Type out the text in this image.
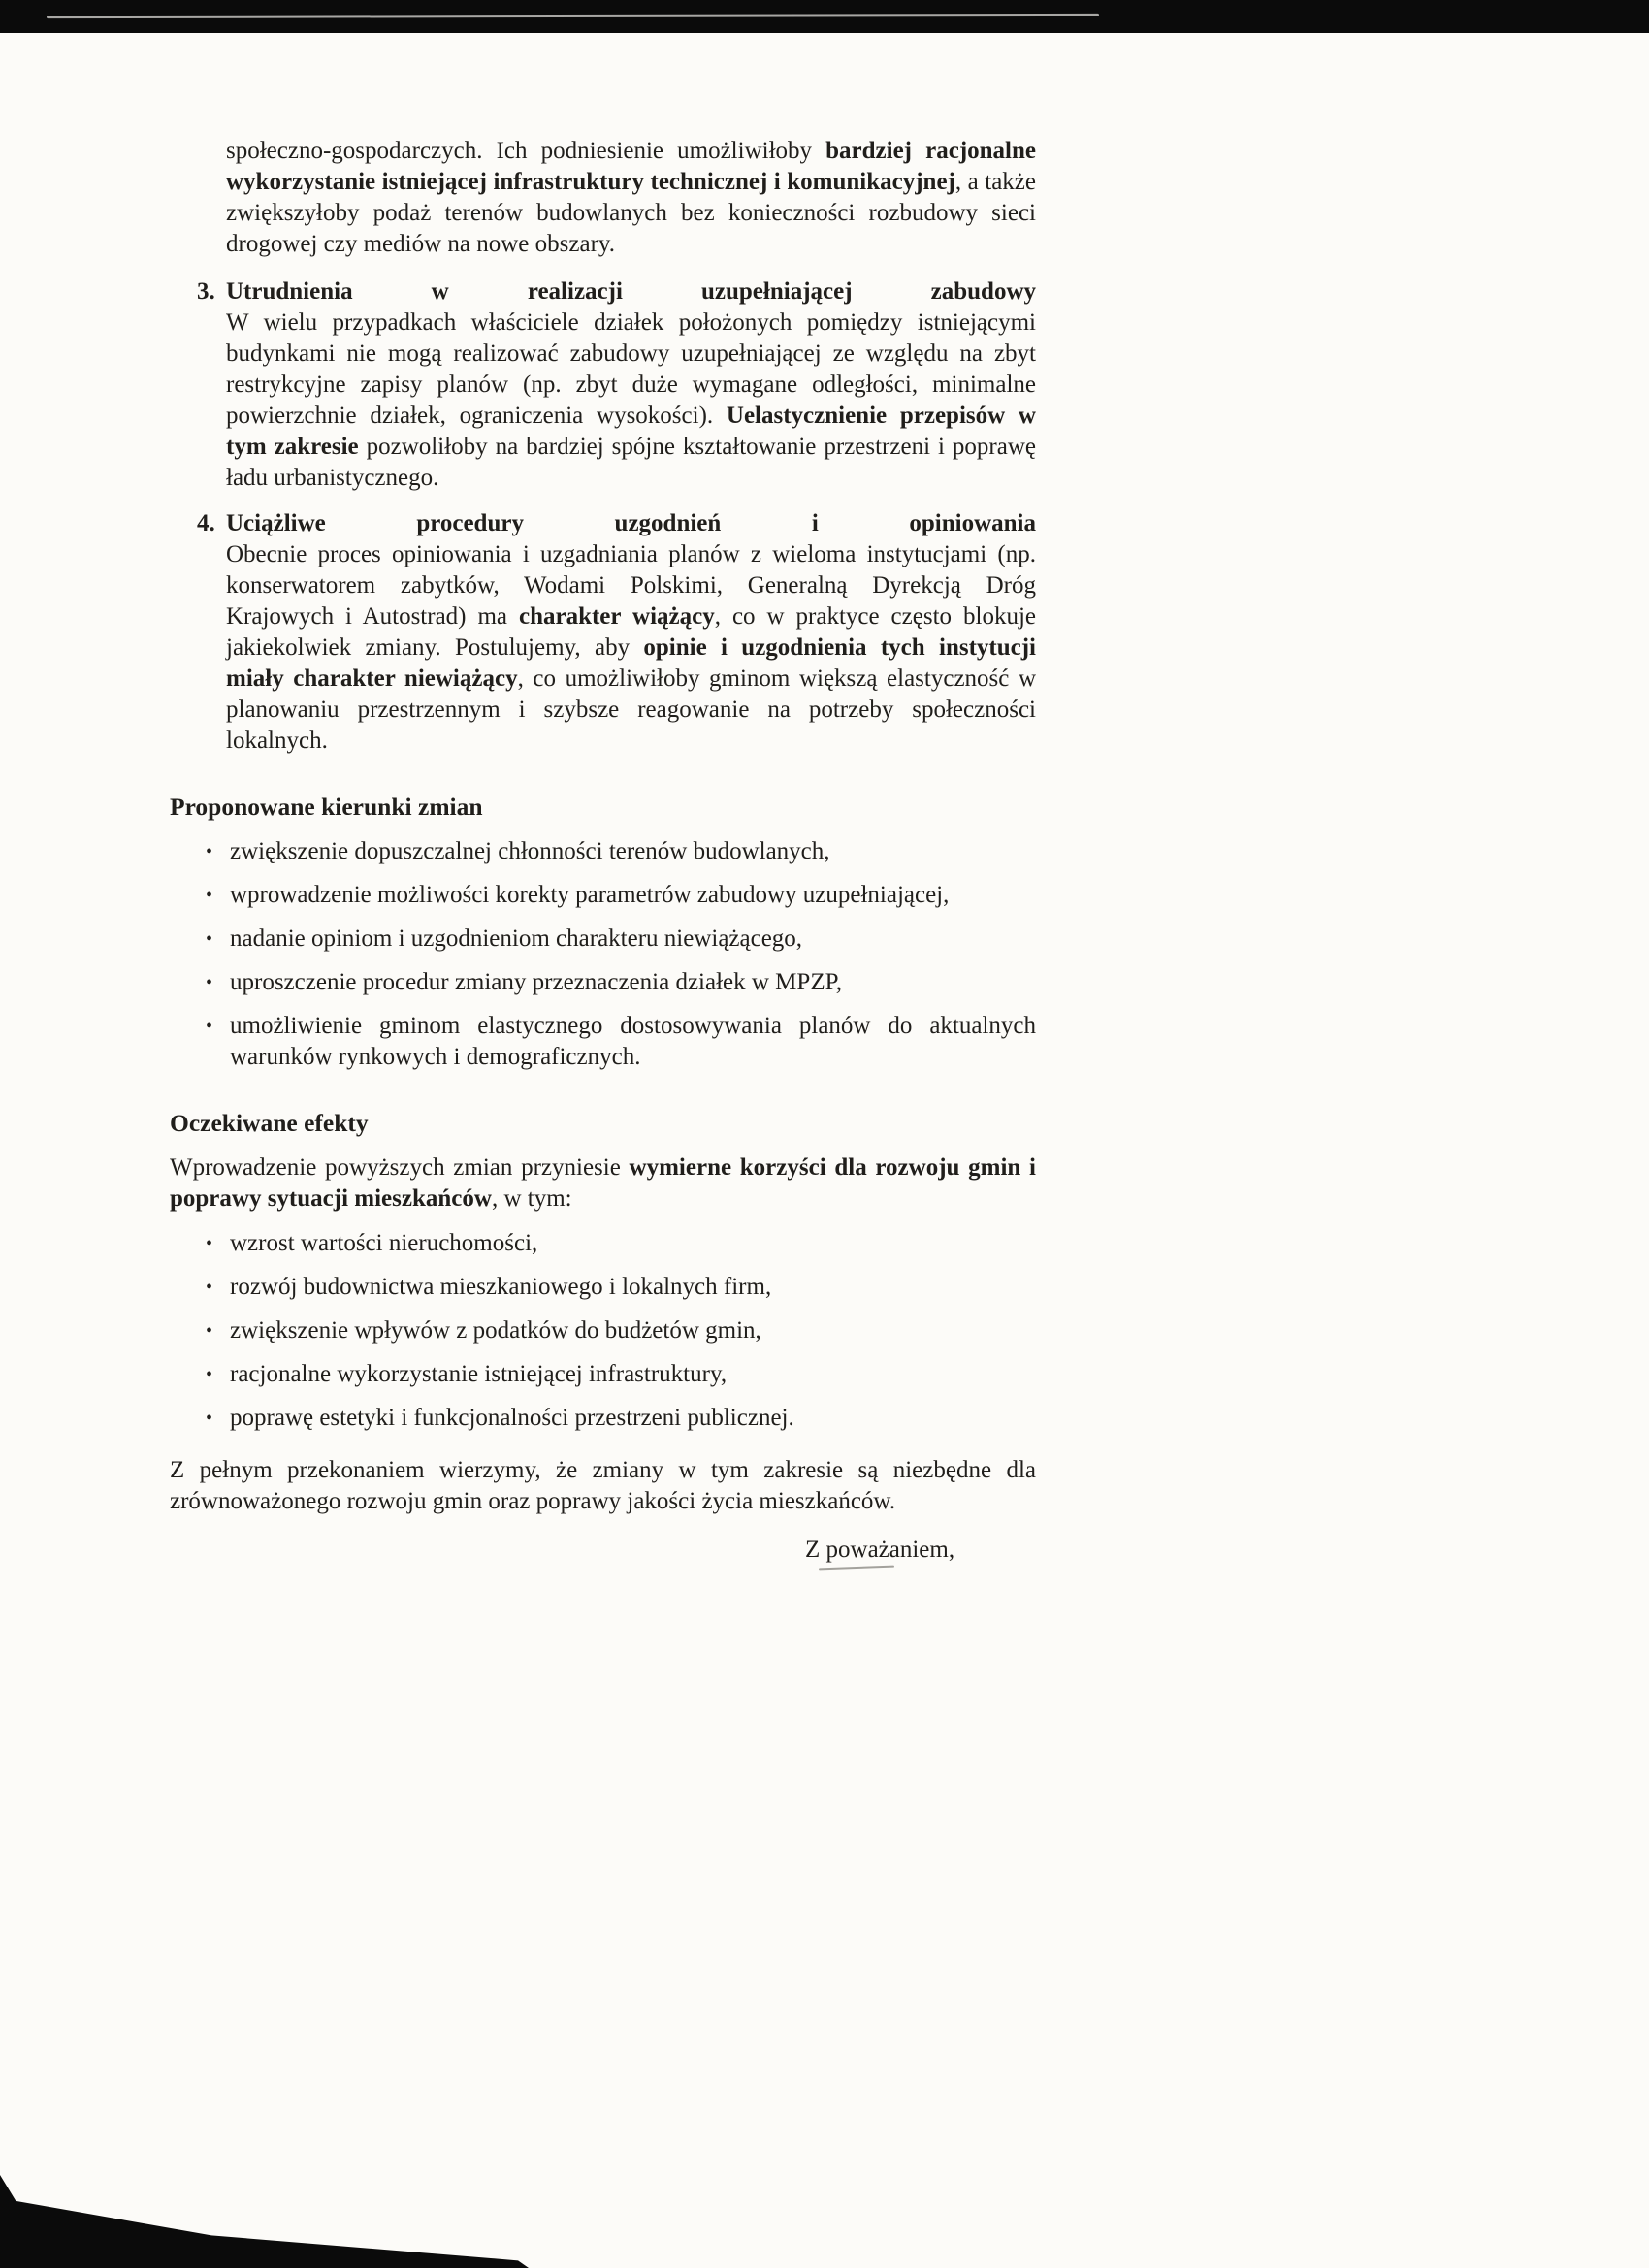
społeczno-gospodarczych. Ich podniesienie umożliwiłoby bardziej racjonalne wykorzystanie istniejącej infrastruktury technicznej i komunikacyjnej, a także zwiększyłoby podaż terenów budowlanych bez konieczności rozbudowy sieci drogowej czy mediów na nowe obszary.

3. Utrudnienia w realizacji uzupełniającej zabudowy

W wielu przypadkach właściciele działek położonych pomiędzy istniejącymi budynkami nie mogą realizować zabudowy uzupełniającej ze względu na zbyt restrykcyjne zapisy planów (np. zbyt duże wymagane odległości, minimalne powierzchnie działek, ograniczenia wysokości). Uelastycznienie przepisów w tym zakresie pozwoliłoby na bardziej spójne kształtowanie przestrzeni i poprawę ładu urbanistycznego.

4. Uciążliwe procedury uzgodnień i opiniowania

Obecnie proces opiniowania i uzgadniania planów z wieloma instytucjami (np. konserwatorem zabytków, Wodami Polskimi, Generalną Dyrekcją Dróg Krajowych i Autostrad) ma charakter wiążący, co w praktyce często blokuje jakiekolwiek zmiany. Postulujemy, aby opinie i uzgodnienia tych instytucji miały charakter niewiążący, co umożliwiłoby gminom większą elastyczność w planowaniu przestrzennym i szybsze reagowanie na potrzeby społeczności lokalnych.

Proponowane kierunki zmian
• zwiększenie dopuszczalnej chłonności terenów budowlanych,
• wprowadzenie możliwości korekty parametrów zabudowy uzupełniającej,
• nadanie opiniom i uzgodnieniom charakteru niewiążącego,
• uproszczenie procedur zmiany przeznaczenia działek w MPZP,
• umożliwienie gminom elastycznego dostosowywania planów do aktualnych warunków rynkowych i demograficznych.
Oczekiwane efekty

Wprowadzenie powyższych zmian przyniesie wymierne korzyści dla rozwoju gmin i poprawy sytuacji mieszkańców, w tym:

• wzrost wartości nieruchomości,
• rozwój budownictwa mieszkaniowego i lokalnych firm,
• zwiększenie wpływów z podatków do budżetów gmin,
• racjonalne wykorzystanie istniejącej infrastruktury,
• poprawę estetyki i funkcjonalności przestrzeni publicznej.

Z pełnym przekonaniem wierzymy, że zmiany w tym zakresie są niezbędne dla zrównoważonego rozwoju gmin oraz poprawy jakości życia mieszkańców.

Z poważaniem,
